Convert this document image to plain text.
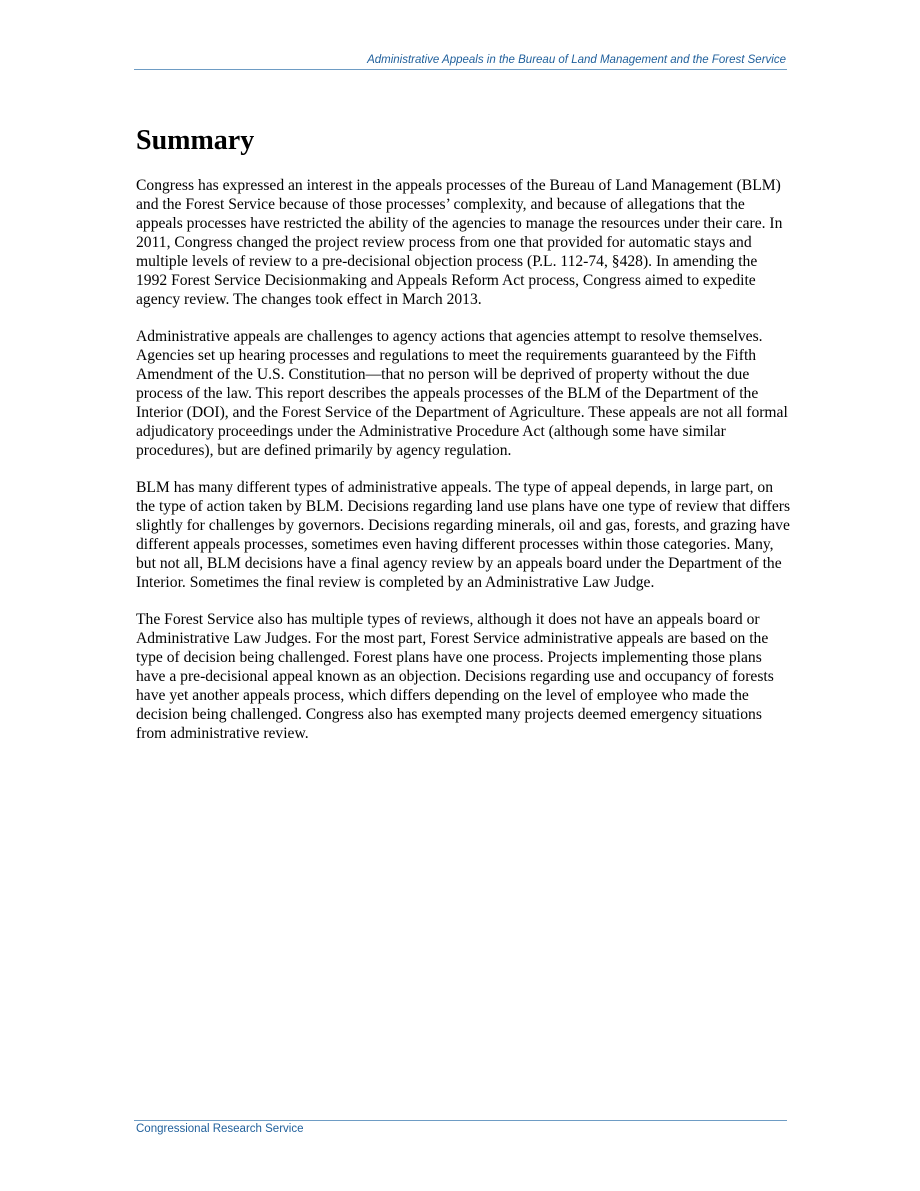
Administrative Appeals in the Bureau of Land Management and the Forest Service
Summary

Congress has expressed an interest in the appeals processes of the Bureau of Land Management (BLM) and the Forest Service because of those processes’ complexity, and because of allegations that the appeals processes have restricted the ability of the agencies to manage the resources under their care. In 2011, Congress changed the project review process from one that provided for automatic stays and multiple levels of review to a pre-decisional objection process (P.L. 112-74, §428). In amending the 1992 Forest Service Decisionmaking and Appeals Reform Act process, Congress aimed to expedite agency review. The changes took effect in March 2013.

Administrative appeals are challenges to agency actions that agencies attempt to resolve themselves. Agencies set up hearing processes and regulations to meet the requirements guaranteed by the Fifth Amendment of the U.S. Constitution—that no person will be deprived of property without the due process of the law. This report describes the appeals processes of the BLM of the Department of the Interior (DOI), and the Forest Service of the Department of Agriculture. These appeals are not all formal adjudicatory proceedings under the Administrative Procedure Act (although some have similar procedures), but are defined primarily by agency regulation.

BLM has many different types of administrative appeals. The type of appeal depends, in large part, on the type of action taken by BLM. Decisions regarding land use plans have one type of review that differs slightly for challenges by governors. Decisions regarding minerals, oil and gas, forests, and grazing have different appeals processes, sometimes even having different processes within those categories. Many, but not all, BLM decisions have a final agency review by an appeals board under the Department of the Interior. Sometimes the final review is completed by an Administrative Law Judge.

The Forest Service also has multiple types of reviews, although it does not have an appeals board or Administrative Law Judges. For the most part, Forest Service administrative appeals are based on the type of decision being challenged. Forest plans have one process. Projects implementing those plans have a pre-decisional appeal known as an objection. Decisions regarding use and occupancy of forests have yet another appeals process, which differs depending on the level of employee who made the decision being challenged. Congress also has exempted many projects deemed emergency situations from administrative review.

Congressional Research Service
